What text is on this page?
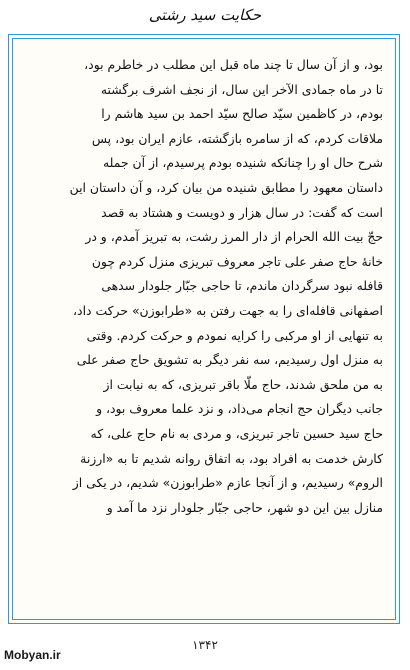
حکایت سید رشتی
بود، و از آن سال تا چند ماه قبل این مطلب در خاطرم بود،
تا در ماه جمادی الآخر این سال، از نجف اشرف برگشته
بودم، در کاظمین سیّد صالح سیّد احمد بن سید هاشم را
ملاقات کردم، که از سامره بازگشته، عازم ایران بود، پس
شرح حال او را چنانکه شنیده بودم پرسیدم، از آن جمله
داستان معهود را مطابق شنیده من بیان کرد، و آن داستان این
است که گفت: در سال هزار و دویست و هشتاد به قصد
حجّ بیت الله الحرام از دار المرز رشت، به تبریز آمدم، و در
خانهٔ حاج صفر علی تاجر معروف تبریزی منزل کردم چون
قافله نبود سرگردان ماندم، تا حاجی جبّار جلودار سدهی
اصفهانی قافله‌ای را به جهت رفتن به «طرابوزن» حرکت داد،
به تنهایی از او مرکبی را کرایه نمودم و حرکت کردم. وقتی
به منزل اول رسیدیم، سه نفر دیگر به تشویق حاج صفر علی
به من ملحق شدند، حاج ملّا باقر تبریزی، که به نیابت از
جانب دیگران حج انجام می‌داد، و نزد علما معروف بود، و
حاج سید حسین تاجر تبریزی، و مردی به نام حاج علی، که
کارش خدمت به افراد بود، به اتفاق روانه شدیم تا به «ارزنة
الروم» رسیدیم، و از آنجا عازم «طرابوزن» شدیم، در یکی از
منازل بین این دو شهر، حاجی جبّار جلودار نزد ما آمد و
۱۳۴۲
Mobyan.ir
